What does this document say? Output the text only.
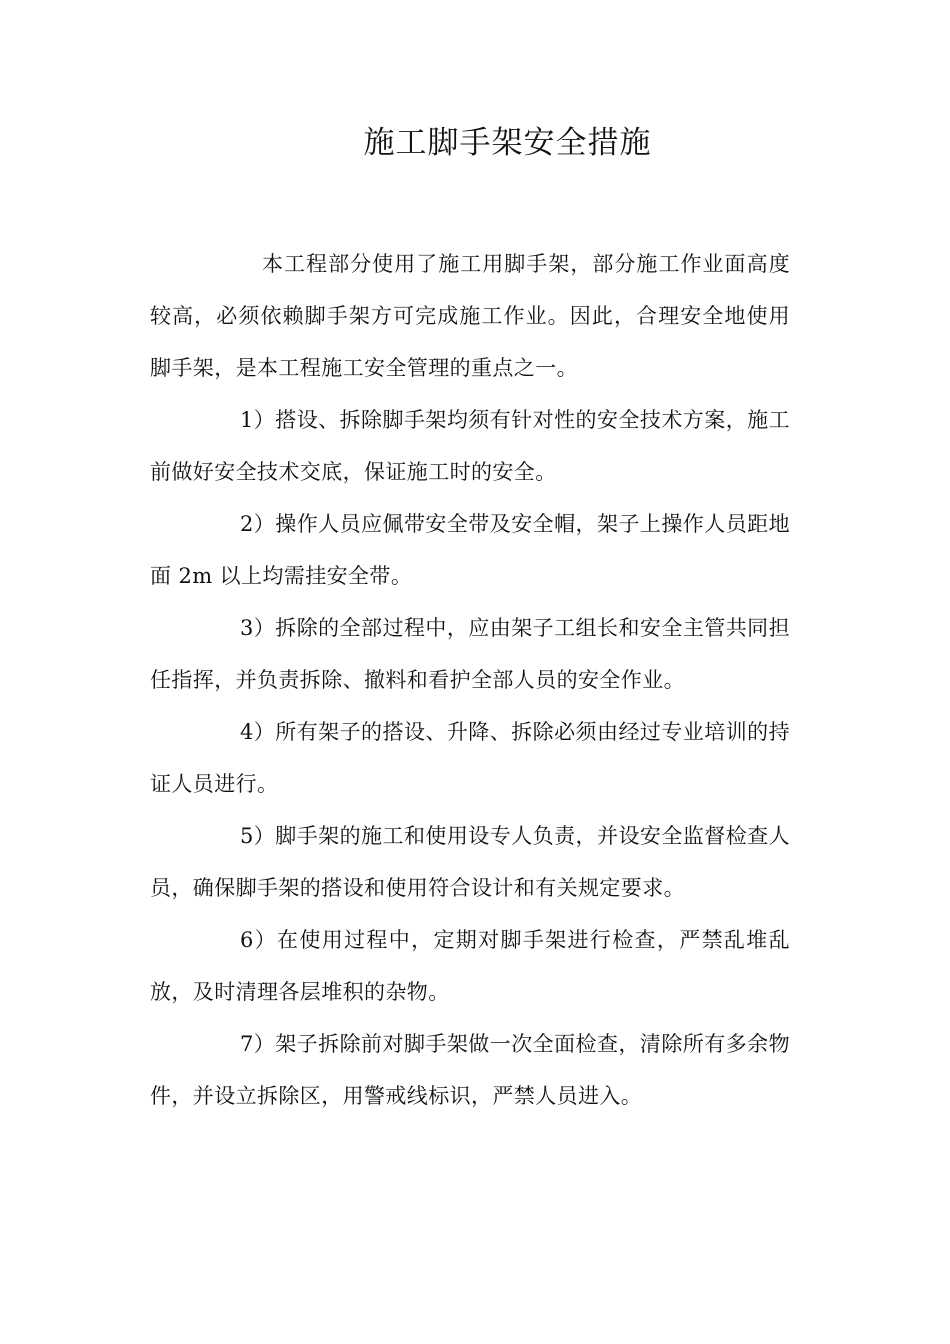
施工脚手架安全措施

本工程部分使用了施工用脚手架，部分施工作业面高度较高，必须依赖脚手架方可完成施工作业。因此，合理安全地使用脚手架，是本工程施工安全管理的重点之一。

1）搭设、拆除脚手架均须有针对性的安全技术方案，施工前做好安全技术交底，保证施工时的安全。

2）操作人员应佩带安全带及安全帽，架子上操作人员距地面 2m 以上均需挂安全带。

3）拆除的全部过程中，应由架子工组长和安全主管共同担任指挥，并负责拆除、撤料和看护全部人员的安全作业。

4）所有架子的搭设、升降、拆除必须由经过专业培训的持证人员进行。

5）脚手架的施工和使用设专人负责，并设安全监督检查人员，确保脚手架的搭设和使用符合设计和有关规定要求。

6）在使用过程中，定期对脚手架进行检查，严禁乱堆乱放，及时清理各层堆积的杂物。

7）架子拆除前对脚手架做一次全面检查，清除所有多余物件，并设立拆除区，用警戒线标识，严禁人员进入。
